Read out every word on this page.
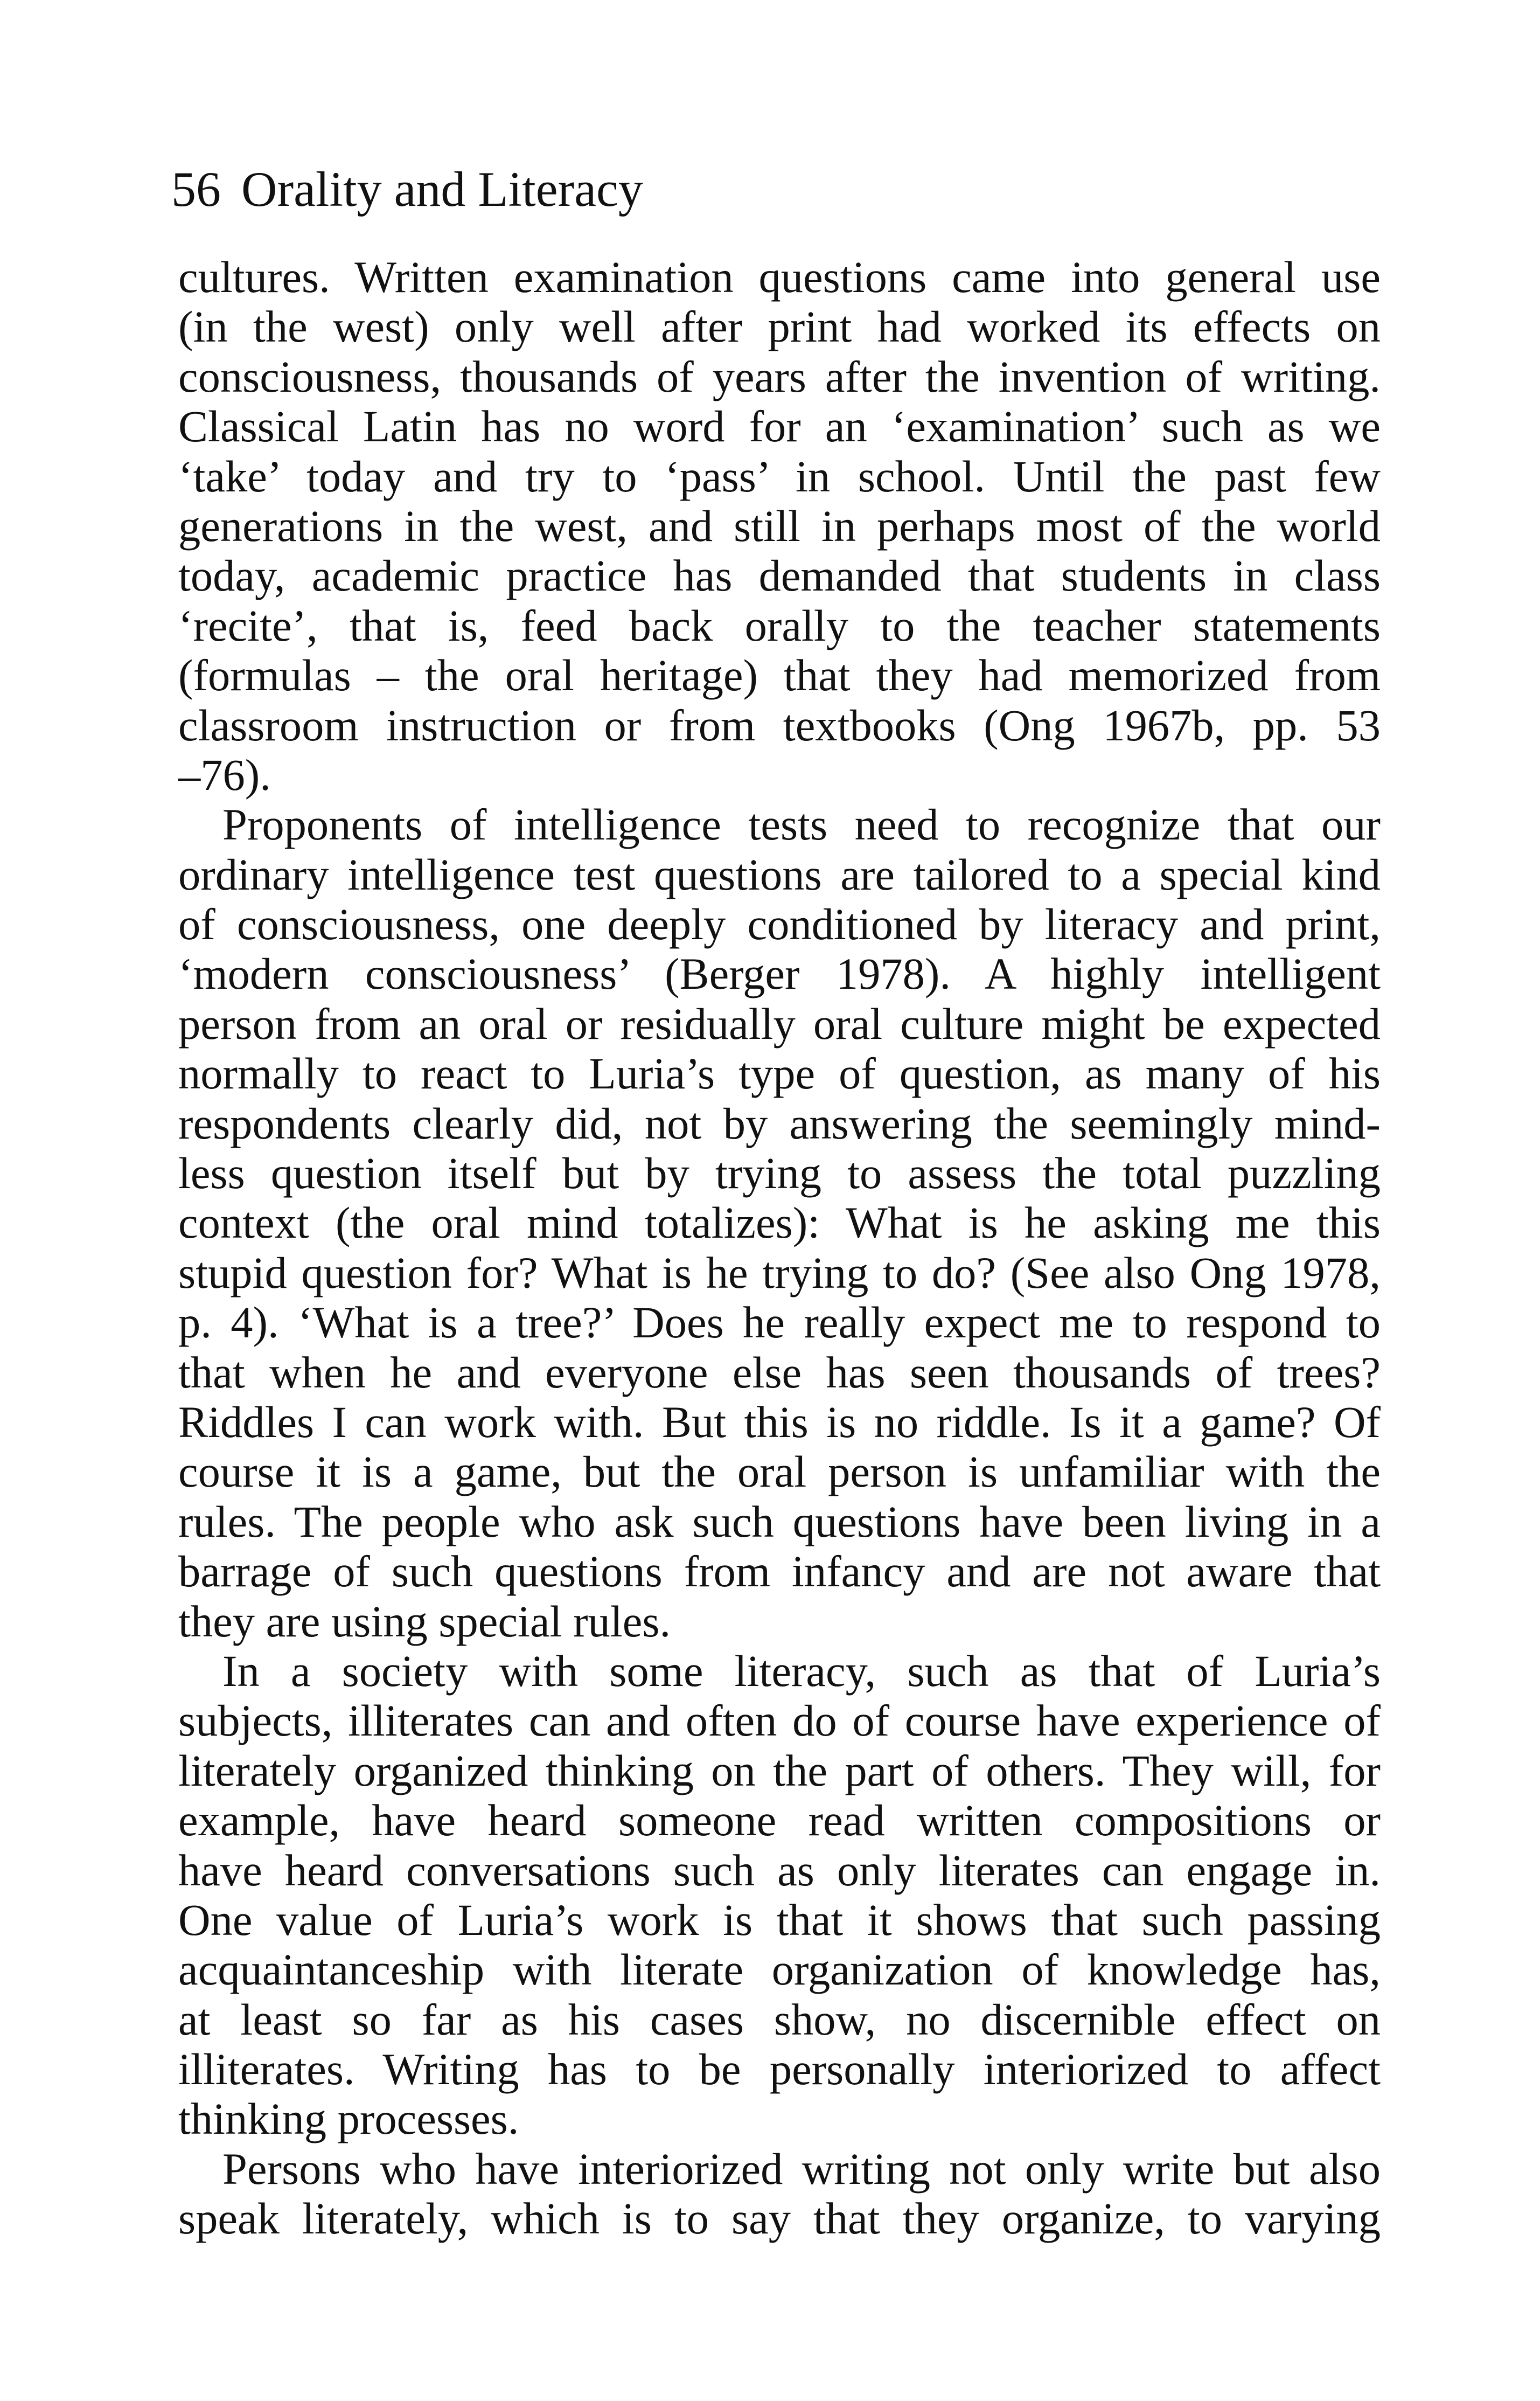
56 Orality and Literacy
cultures. Written examination questions came into general use
(in the west) only well after print had worked its effects on
consciousness, thousands of years after the invention of writing.
Classical Latin has no word for an ‘examination’ such as we
‘take’ today and try to ‘pass’ in school. Until the past few
generations in the west, and still in perhaps most of the world
today, academic practice has demanded that students in class
‘recite’, that is, feed back orally to the teacher statements
(formulas – the oral heritage) that they had memorized from
classroom instruction or from textbooks (Ong 1967b, pp. 53
–76).
Proponents of intelligence tests need to recognize that our
ordinary intelligence test questions are tailored to a special kind
of consciousness, one deeply conditioned by literacy and print,
‘modern consciousness’ (Berger 1978). A highly intelligent
person from an oral or residually oral culture might be expected
normally to react to Luria’s type of question, as many of his
respondents clearly did, not by answering the seemingly mind-
less question itself but by trying to assess the total puzzling
context (the oral mind totalizes): What is he asking me this
stupid question for? What is he trying to do? (See also Ong 1978,
p. 4). ‘What is a tree?’ Does he really expect me to respond to
that when he and everyone else has seen thousands of trees?
Riddles I can work with. But this is no riddle. Is it a game? Of
course it is a game, but the oral person is unfamiliar with the
rules. The people who ask such questions have been living in a
barrage of such questions from infancy and are not aware that
they are using special rules.
In a society with some literacy, such as that of Luria’s
subjects, illiterates can and often do of course have experience of
literately organized thinking on the part of others. They will, for
example, have heard someone read written compositions or
have heard conversations such as only literates can engage in.
One value of Luria’s work is that it shows that such passing
acquaintanceship with literate organization of knowledge has,
at least so far as his cases show, no discernible effect on
illiterates. Writing has to be personally interiorized to affect
thinking processes.
Persons who have interiorized writing not only write but also
speak literately, which is to say that they organize, to varying
